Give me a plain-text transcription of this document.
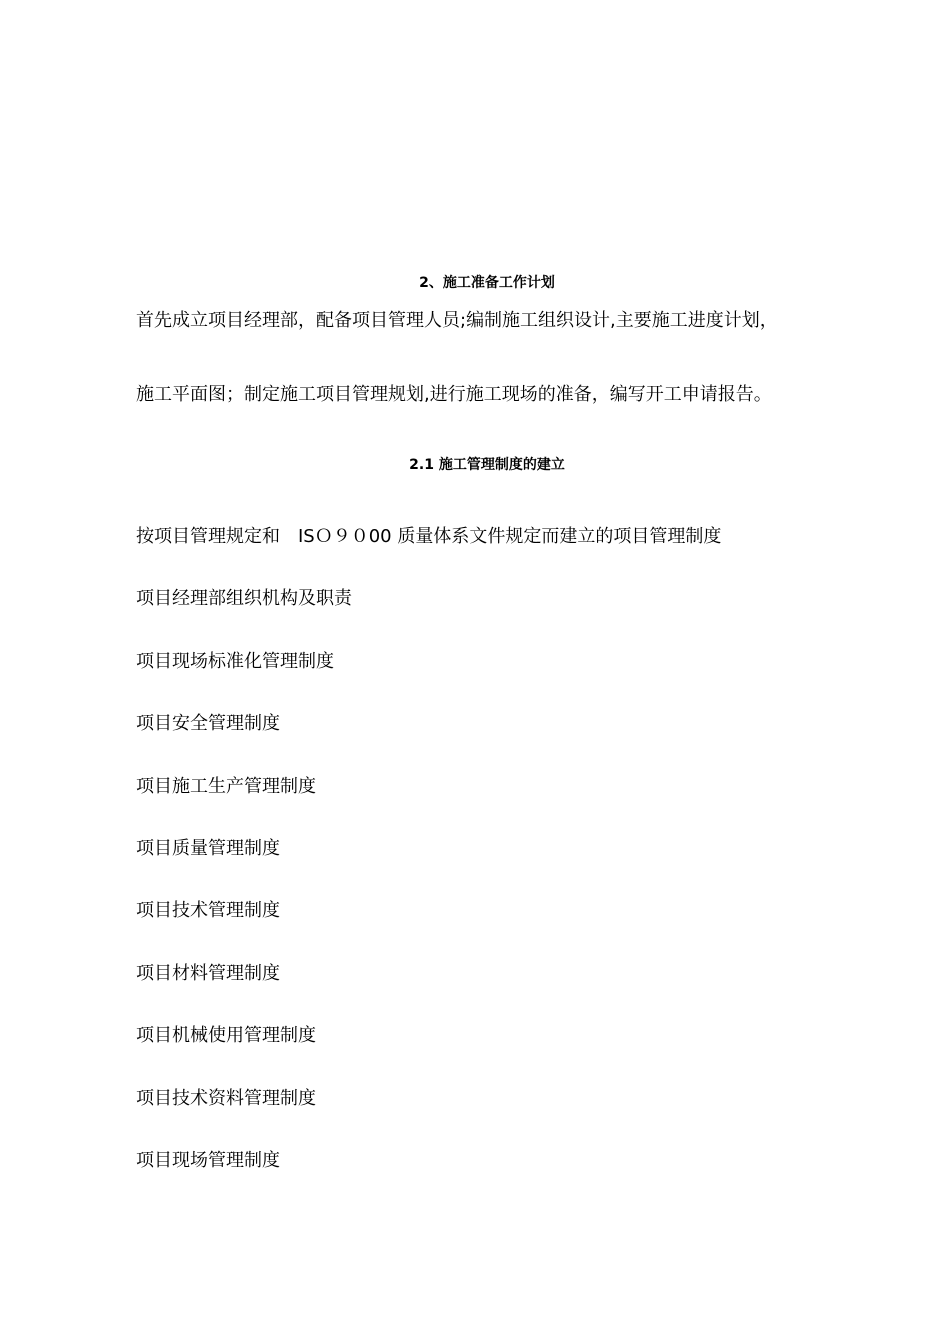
2、施工准备工作计划
首先成立项目经理部，配备项目管理人员;编制施工组织设计,主要施工进度计划，
施工平面图；制定施工项目管理规划,进行施工现场的准备，编写开工申请报告。
2.1 施工管理制度的建立
按项目管理规定和　ISＯ９０00 质量体系文件规定而建立的项目管理制度
项目经理部组织机构及职责
项目现场标准化管理制度
项目安全管理制度
项目施工生产管理制度
项目质量管理制度
项目技术管理制度
项目材料管理制度
项目机械使用管理制度
项目技术资料管理制度
项目现场管理制度
